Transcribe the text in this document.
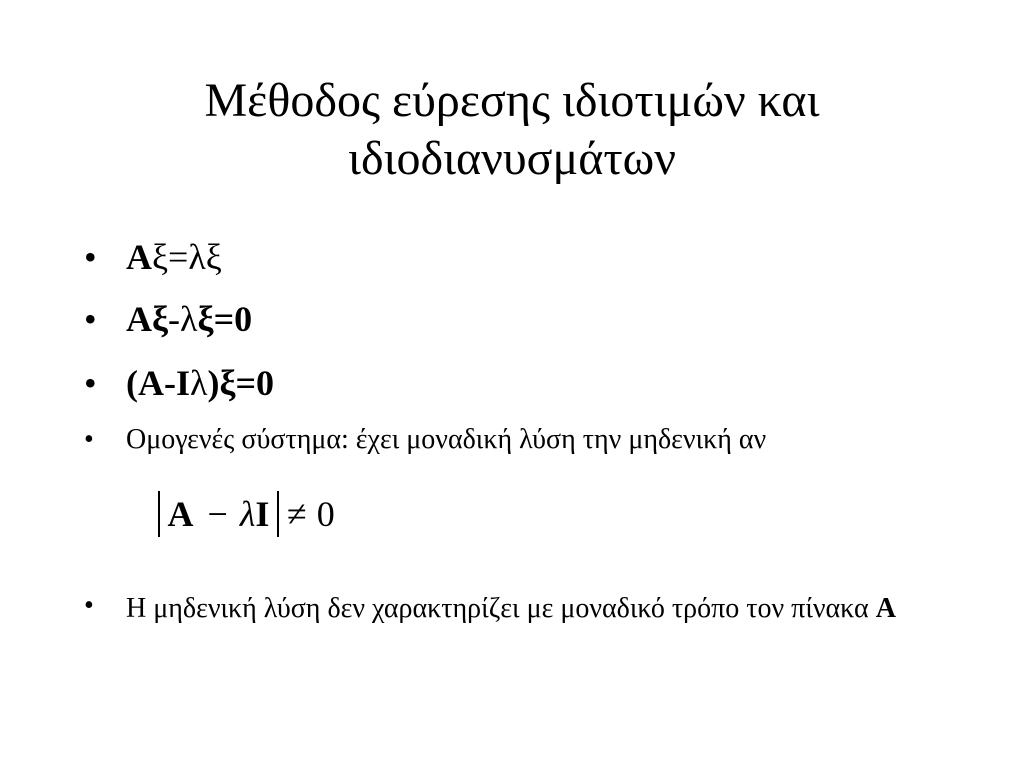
Μέθοδος εύρεσης ιδιοτιμών και
ιδιοδιανυσμάτων
• Aξ=λξ
• Aξ-λξ=0
• (A-Iλ)ξ=0
•	Ομογενές σύστημα: έχει μοναδική λύση την μηδενική αν
A − λ I ≠ 0
•	Η μηδενική λύση δεν χαρακτηρίζει με μοναδικό τρόπο τον πίνακα A
